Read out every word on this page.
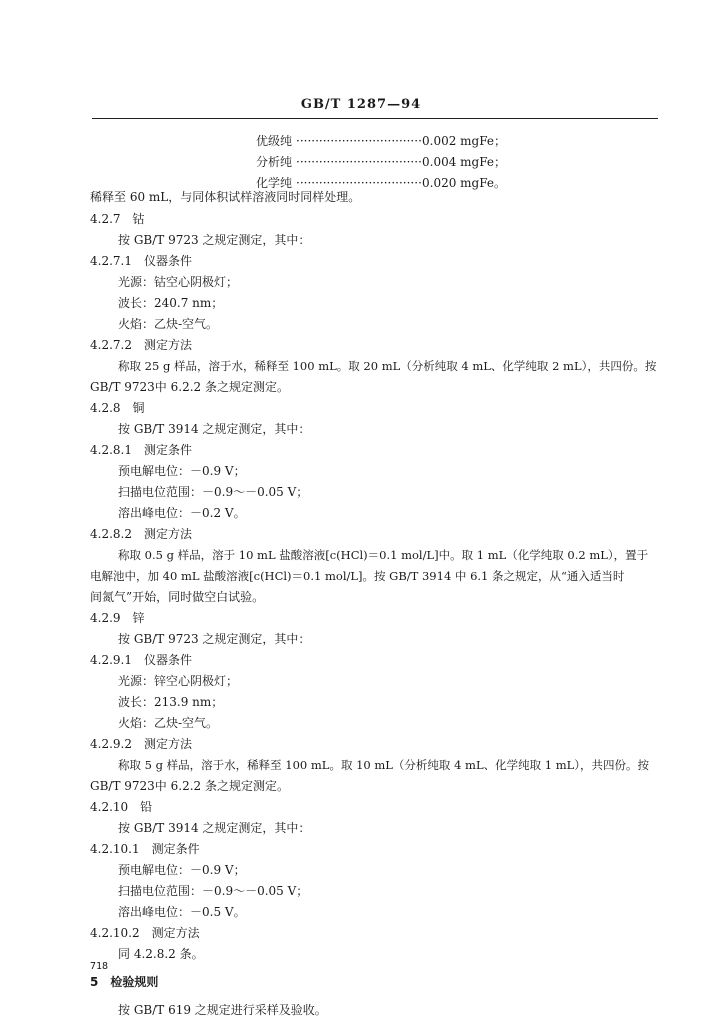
GB/T 1287—94
优级纯 ·····	0.002 mgFe；
分析纯 ·····	0.004 mgFe；
化学纯 ·····	0.020 mgFe。
稀释至 60 mL，与同体积试样溶液同时同样处理。
4.2.7　钴
按 GB/T 9723 之规定测定，其中：
4.2.7.1　仪器条件
光源：钴空心阴极灯；
波长：240.7 nm；
火焰：乙炔-空气。
4.2.7.2　测定方法
称取 25 g 样品，溶于水，稀释至 100 mL。取 20 mL（分析纯取 4 mL、化学纯取 2 mL），共四份。按
GB/T 9723中 6.2.2 条之规定测定。
4.2.8　铜
按 GB/T 3914 之规定测定，其中：
4.2.8.1　测定条件
预电解电位：－0.9 V；
扫描电位范围：－0.9～－0.05 V；
溶出峰电位：－0.2 V。
4.2.8.2　测定方法
称取 0.5 g 样品，溶于 10 mL 盐酸溶液[c(HCl)＝0.1 mol/L]中。取 1 mL（化学纯取 0.2 mL），置于
电解池中，加 40 mL 盐酸溶液[c(HCl)＝0.1 mol/L]。按 GB/T 3914 中 6.1 条之规定，从“通入适当时
间氮气”开始，同时做空白试验。
4.2.9　锌
按 GB/T 9723 之规定测定，其中：
4.2.9.1　仪器条件
光源：锌空心阴极灯；
波长：213.9 nm；
火焰：乙炔-空气。
4.2.9.2　测定方法
称取 5 g 样品，溶于水，稀释至 100 mL。取 10 mL（分析纯取 4 mL、化学纯取 1 mL），共四份。按
GB/T 9723中 6.2.2 条之规定测定。
4.2.10　铅
按 GB/T 3914 之规定测定，其中：
4.2.10.1　测定条件
预电解电位：－0.9 V；
扫描电位范围：－0.9～－0.05 V；
溶出峰电位：－0.5 V。
4.2.10.2　测定方法
同 4.2.8.2 条。
5　检验规则
按 GB/T 619 之规定进行采样及验收。
718
